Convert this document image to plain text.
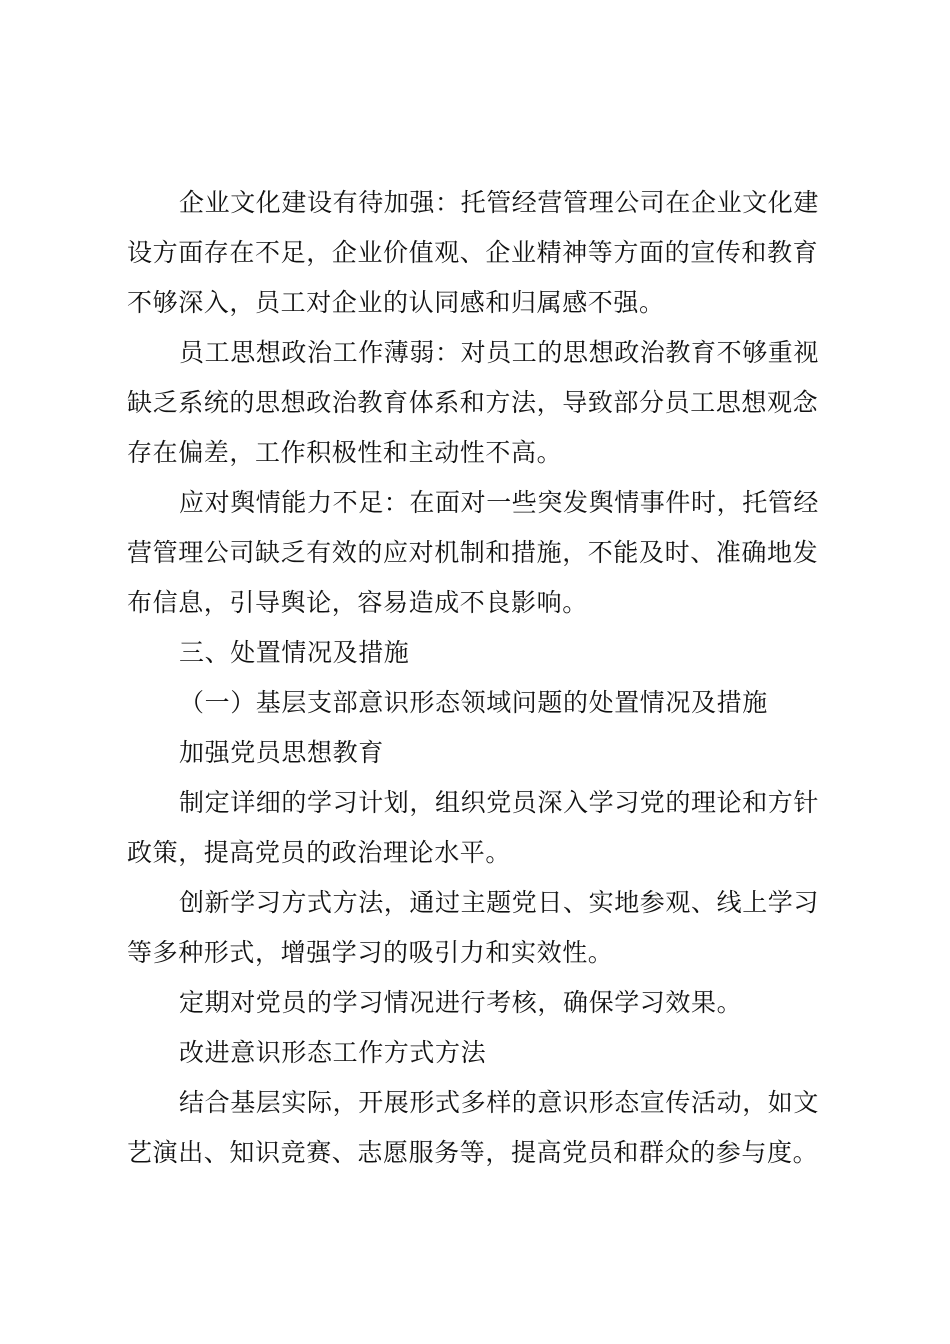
企业文化建设有待加强：托管经营管理公司在企业文化建
设方面存在不足，企业价值观、企业精神等方面的宣传和教育
不够深入，员工对企业的认同感和归属感不强。

员工思想政治工作薄弱：对员工的思想政治教育不够重视
缺乏系统的思想政治教育体系和方法，导致部分员工思想观念
存在偏差，工作积极性和主动性不高。

应对舆情能力不足：在面对一些突发舆情事件时，托管经
营管理公司缺乏有效的应对机制和措施，不能及时、准确地发
布信息，引导舆论，容易造成不良影响。

三、处置情况及措施

（一）基层支部意识形态领域问题的处置情况及措施

加强党员思想教育

制定详细的学习计划，组织党员深入学习党的理论和方针
政策，提高党员的政治理论水平。

创新学习方式方法，通过主题党日、实地参观、线上学习
等多种形式，增强学习的吸引力和实效性。

定期对党员的学习情况进行考核，确保学习效果。

改进意识形态工作方式方法

结合基层实际，开展形式多样的意识形态宣传活动，如文
艺演出、知识竞赛、志愿服务等，提高党员和群众的参与度。
